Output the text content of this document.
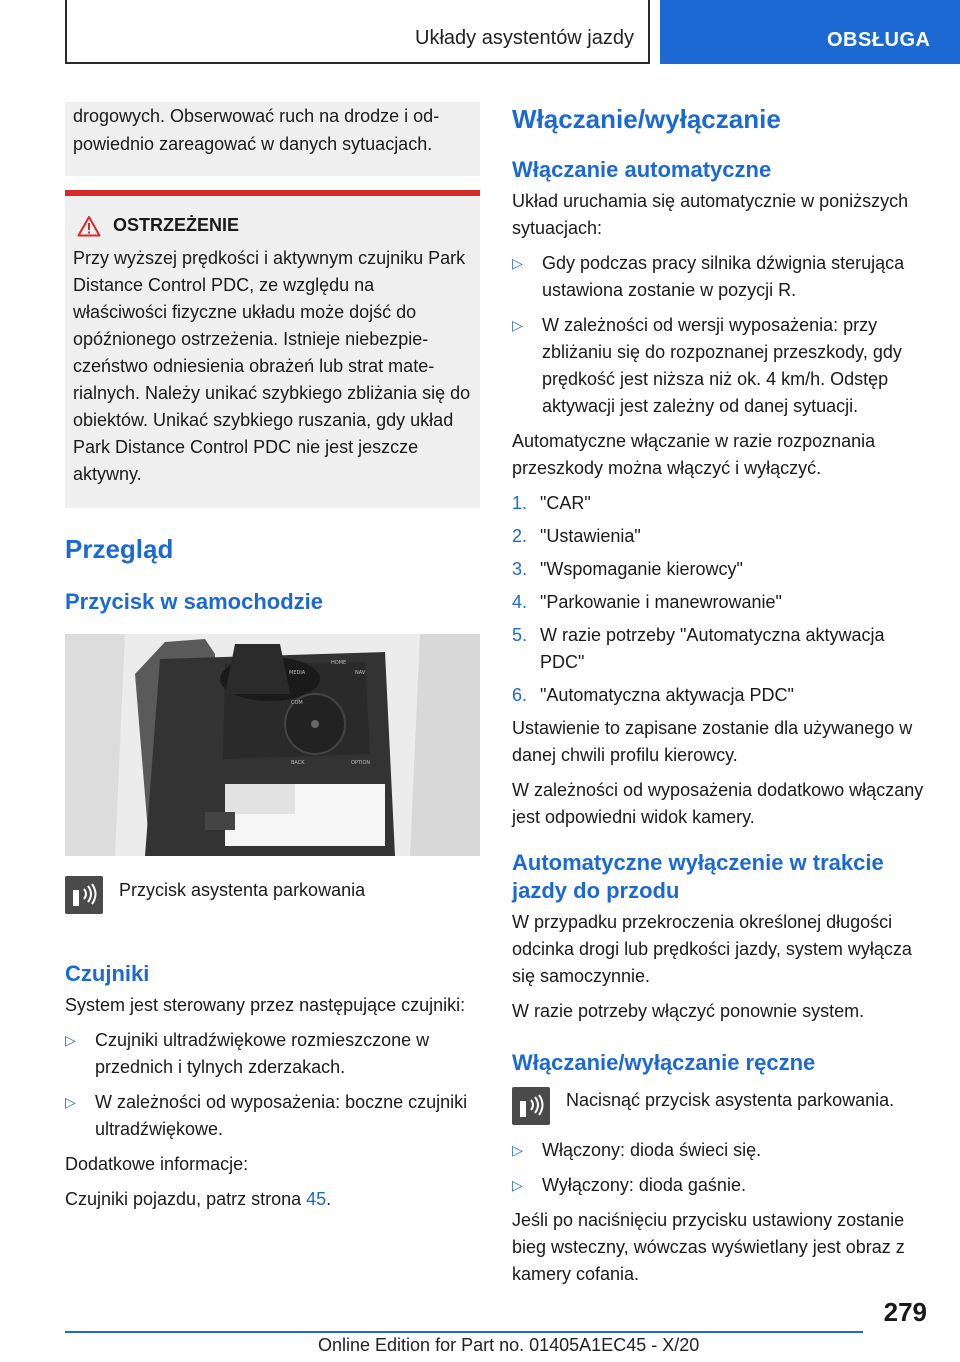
Układy asystentów jazdy	OBSŁUGA
drogowych. Obserwować ruch na drodze i odpowiednio zareagować w danych sytuacjach.
OSTRZEŻENIE
Przy wyższej prędkości i aktywnym czujniku Park Distance Control PDC, ze względu na właściwości fizyczne układu może dojść do opóźnionego ostrzeżenia. Istnieje niebezpieczeństwo odniesienia obrażeń lub strat materialnych. Należy unikać szybkiego zbliżania się do obiektów. Unikać szybkiego ruszania, gdy układ Park Distance Control PDC nie jest jeszcze aktywny.
Przegląd
Przycisk w samochodzie
MEDIA
HOME
NAV
COM
BACK	OPTION
Przycisk asystenta parkowania
Czujniki
System jest sterowany przez następujące czujniki:
▷ Czujniki ultradźwiękowe rozmieszczone w przednich i tylnych zderzakach.
▷ W zależności od wyposażenia: boczne czujniki ultradźwiękowe.
Dodatkowe informacje:
Czujniki pojazdu, patrz strona 45.
Włączanie/wyłączanie
Włączanie automatyczne
Układ uruchamia się automatycznie w poniższych sytuacjach:
▷ Gdy podczas pracy silnika dźwignia sterująca ustawiona zostanie w pozycji R.
▷ W zależności od wersji wyposażenia: przy zbliżaniu się do rozpoznanej przeszkody, gdy prędkość jest niższa niż ok. 4 km/h. Odstęp aktywacji jest zależny od danej sytuacji.
Automatyczne włączanie w razie rozpoznania przeszkody można włączyć i wyłączyć.
1. "CAR"
2. "Ustawienia"
3. "Wspomaganie kierowcy"
4. "Parkowanie i manewrowanie"
5. W razie potrzeby "Automatyczna aktywacja PDC"
6. "Automatyczna aktywacja PDC"
Ustawienie to zapisane zostanie dla używanego w danej chwili profilu kierowcy.
W zależności od wyposażenia dodatkowo włączany jest odpowiedni widok kamery.
Automatyczne wyłączenie w trakcie jazdy do przodu
W przypadku przekroczenia określonej długości odcinka drogi lub prędkości jazdy, system wyłącza się samoczynnie.
W razie potrzeby włączyć ponownie system.
Włączanie/wyłączanie ręczne
Nacisnąć przycisk asystenta parkowania.
▷ Włączony: dioda świeci się.
▷ Wyłączony: dioda gaśnie.
Jeśli po naciśnięciu przycisku ustawiony zostanie bieg wsteczny, wówczas wyświetlany jest obraz z kamery cofania.
279
Online Edition for Part no. 01405A1EC45 - X/20
